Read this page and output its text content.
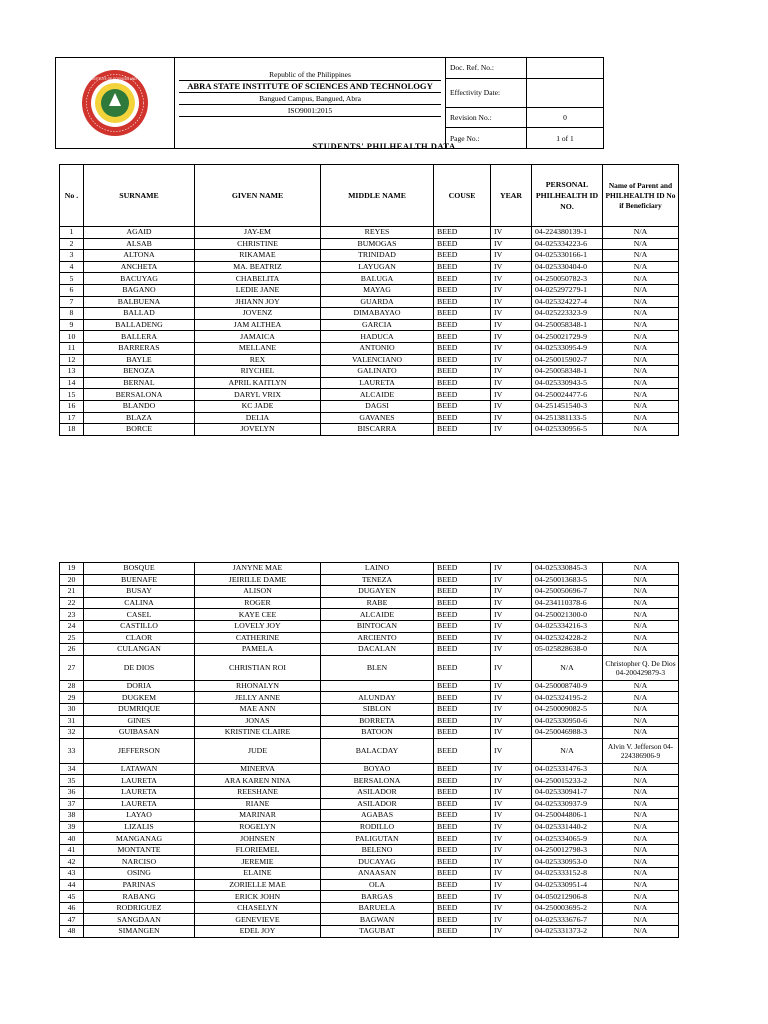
ABRA STATE INSTITUTE OF SCIENCES AND TECHNOLOGY	Republic of the Philippines
ABRA STATE INSTITUTE OF SCIENCES AND TECHNOLOGY
Bangued Campus, Bangued, Abra
ISO9001:2015	Doc. Ref. No.:	
		Effectivity Date:	
		Revision No.:	0
		Page No.:	1 of 1
STUDENTS' PHILHEALTH DATA
No .	SURNAME	GIVEN NAME	MIDDLE NAME	COUSE	YEAR	PERSONAL PHILHEALTH ID NO.	Name of Parent and PHILHEALTH ID No if Beneficiary
1	AGAID	JAY-EM	REYES	BEED	IV	04-224380139-1	N/A
2	ALSAB	CHRISTINE	BUMOGAS	BEED	IV	04-025334223-6	N/A
3	ALTONA	RIKAMAE	TRINIDAD	BEED	IV	04-025330166-1	N/A
4	ANCHETA	MA. BEATRIZ	LAYUGAN	BEED	IV	04-025330404-0	N/A
5	BACUYAG	CHABELITA	BALUGA	BEED	IV	04-250050782-3	N/A
6	BAGANO	LEDIE JANE	MAYAG	BEED	IV	04-025297279-1	N/A
7	BALBUENA	JHIANN JOY	GUARDA	BEED	IV	04-025324227-4	N/A
8	BALLAD	JOVENZ	DIMABAYAO	BEED	IV	04-025223323-9	N/A
9	BALLADENG	JAM ALTHEA	GARCIA	BEED	IV	04-250058348-1	N/A
10	BALLERA	JAMAICA	HADUCA	BEED	IV	04-250021729-9	N/A
11	BARRERAS	MELLANE	ANTONIO	BEED	IV	04-025330954-9	N/A
12	BAYLE	REX	VALENCIANO	BEED	IV	04-250015902-7	N/A
13	BENOZA	RIYCHEL	GALINATO	BEED	IV	04-250058348-1	N/A
14	BERNAL	APRIL KAITLYN	LAURETA	BEED	IV	04-025330943-5	N/A
15	BERSALONA	DARYL VRIX	ALCAIDE	BEED	IV	04-250024477-6	N/A
16	BLANDO	KC JADE	DAGSI	BEED	IV	04-251451540-3	N/A
17	BLAZA	DELIA	GAVANES	BEED	IV	04-251381133-5	N/A
18	BORCE	JOVELYN	BISCARRA	BEED	IV	04-025330956-5	N/A
19	BOSQUE	JANYNE MAE	LAINO	BEED	IV	04-025330845-3	N/A
20	BUENAFE	JEIRILLE DAME	TENEZA	BEED	IV	04-250013683-5	N/A
21	BUSAY	ALISON	DUGAYEN	BEED	IV	04-250050696-7	N/A
22	CALINA	ROGER	RABE	BEED	IV	04-234110378-6	N/A
23	CASEL	KAYE CEE	ALCAIDE	BEED	IV	04-250021300-0	N/A
24	CASTILLO	LOVELY JOY	BINTOCAN	BEED	IV	04-025334216-3	N/A
25	CLAOR	CATHERINE	ARCIENTO	BEED	IV	04-025324228-2	N/A
26	CULANGAN	PAMELA	DACALAN	BEED	IV	05-025828638-0	N/A
27	DE DIOS	CHRISTIAN ROI	BLEN	BEED	IV	N/A	Christopher Q. De Dios 04-200429879-3
28	DORIA	RHONALYN		BEED	IV	04-250008740-9	N/A
29	DUGKEM	JELLY ANNE	ALUNDAY	BEED	IV	04-025324195-2	N/A
30	DUMRIQUE	MAE ANN	SIBLON	BEED	IV	04-250009082-5	N/A
31	GINES	JONAS	BORRETA	BEED	IV	04-025330950-6	N/A
32	GUIBASAN	KRISTINE CLAIRE	BATOON	BEED	IV	04-250046988-3	N/A
33	JEFFERSON	JUDE	BALACDAY	BEED	IV	N/A	Alvin V. Jefferson 04-224386906-9
34	LATAWAN	MINERVA	BOYAO	BEED	IV	04-025331476-3	N/A
35	LAURETA	ARA KAREN NINA	BERSALONA	BEED	IV	04-250015233-2	N/A
36	LAURETA	REESHANE	ASILADOR	BEED	IV	04-025330941-7	N/A
37	LAURETA	RIANE	ASILADOR	BEED	IV	04-025330937-9	N/A
38	LAYAO	MARINAR	AGABAS	BEED	IV	04-250044806-1	N/A
39	LIZALIS	ROGELYN	RODILLO	BEED	IV	04-025331440-2	N/A
40	MANGANAG	JOHNSEN	PALIGUTAN	BEED	IV	04-025334065-9	N/A
41	MONTANTE	FLORIEMEL	BELENO	BEED	IV	04-250012798-3	N/A
42	NARCISO	JEREMIE	DUCAYAG	BEED	IV	04-025330953-0	N/A
43	OSING	ELAINE	ANAASAN	BEED	IV	04-025333152-8	N/A
44	PARINAS	ZORIELLE MAE	OLA	BEED	IV	04-025330951-4	N/A
45	RABANG	ERICK JOHN	BARGAS	BEED	IV	04-050212906-8	N/A
46	RODRIGUEZ	CHASELYN	BARUELA	BEED	IV	04-250003695-2	N/A
47	SANGDAAN	GENEVIEVE	BAGWAN	BEED	IV	04-025333676-7	N/A
48	SIMANGEN	EDEL JOY	TAGUBAT	BEED	IV	04-025331373-2	N/A
